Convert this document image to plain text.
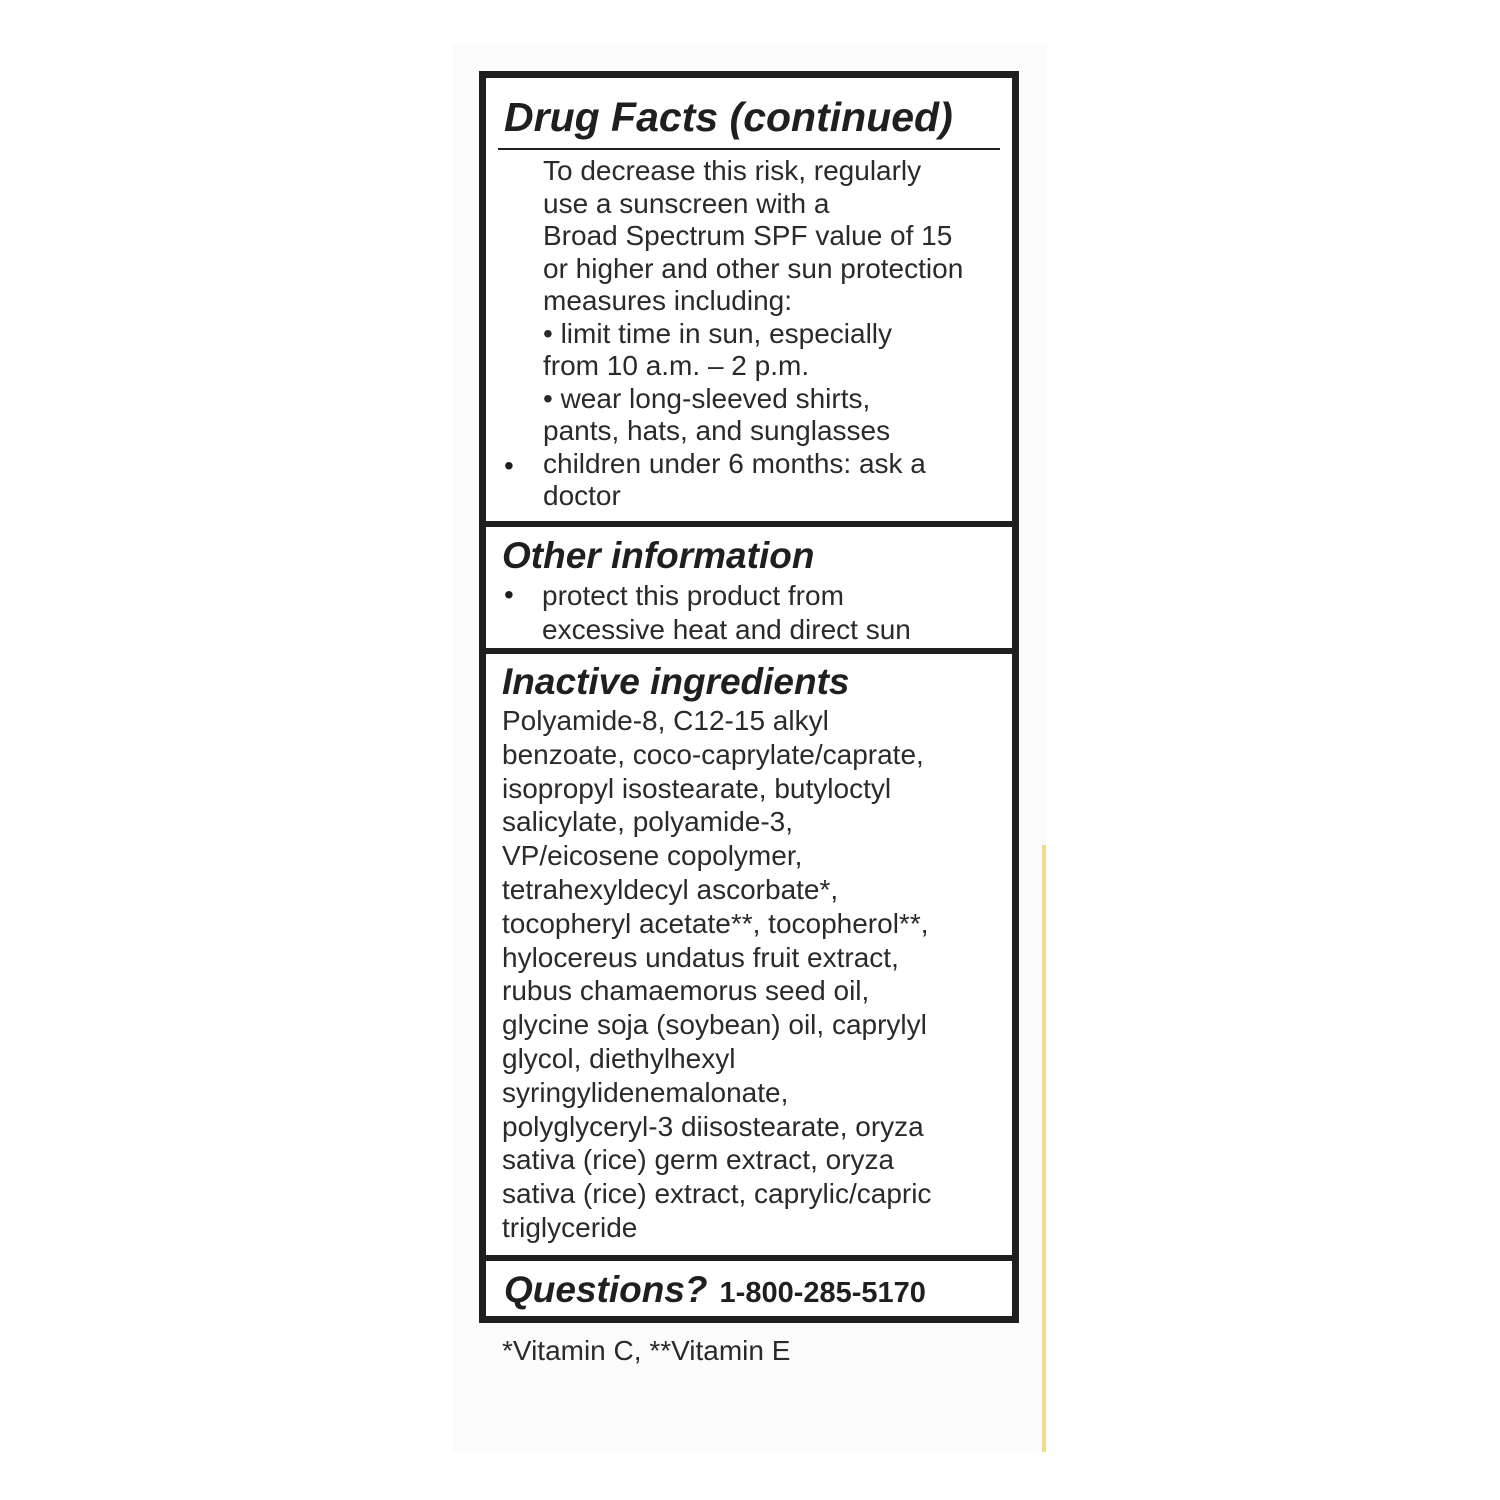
Drug Facts (continued)
To decrease this risk, regularly
use a sunscreen with a
Broad Spectrum SPF value of 15
or higher and other sun protection
measures including:
• limit time in sun, especially
from 10 a.m. – 2 p.m.
• wear long-sleeved shirts,
pants, hats, and sunglasses
children under 6 months: ask a
doctor
•
Other information
• protect this product from
excessive heat and direct sun
Inactive ingredients
Polyamide-8, C12-15 alkyl
benzoate, coco-caprylate/caprate,
isopropyl isostearate, butyloctyl
salicylate, polyamide-3,
VP/eicosene copolymer,
tetrahexyldecyl ascorbate*,
tocopheryl acetate**, tocopherol**,
hylocereus undatus fruit extract,
rubus chamaemorus seed oil,
glycine soja (soybean) oil, caprylyl
glycol, diethylhexyl
syringylidenemalonate,
polyglyceryl-3 diisostearate, oryza
sativa (rice) germ extract, oryza
sativa (rice) extract, caprylic/capric
triglyceride
Questions? 1-800-285-5170
*Vitamin C, **Vitamin E
